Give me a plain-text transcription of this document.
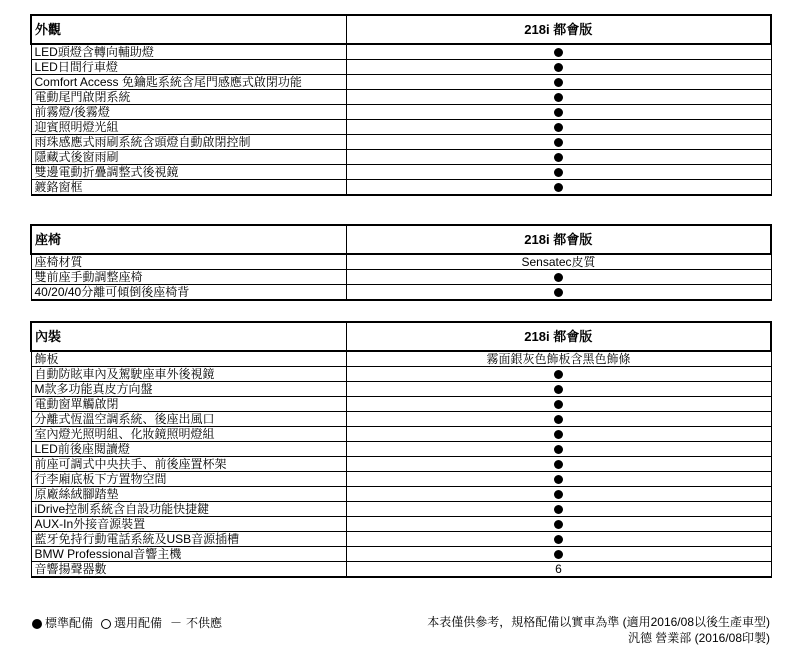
外觀	218i 都會版
LED頭燈含轉向輔助燈	
LED日間行車燈	
Comfort Access 免鑰匙系統含尾門感應式啟閉功能	
電動尾門啟閉系統	
前霧燈/後霧燈	
迎賓照明燈光組	
雨珠感應式雨刷系統含頭燈自動啟閉控制	
隱藏式後窗雨刷	
雙邊電動折疊調整式後視鏡	
鍍鉻窗框	
座椅	218i 都會版
座椅材質	Sensatec皮質
雙前座手動調整座椅	
40/20/40分離可傾倒後座椅背	
內裝	218i 都會版
飾板	霧面銀灰色飾板含黑色飾條
自動防眩車內及駕駛座車外後視鏡	
M款多功能真皮方向盤	
電動窗單觸啟閉	
分離式恆溫空調系統、後座出風口	
室內燈光照明組、化妝鏡照明燈組	
LED前後座閱讀燈	
前座可調式中央扶手、前後座置杯架	
行李廂底板下方置物空間	
原廠絲絨腳踏墊	
iDrive控制系統含自設功能快捷鍵	
AUX-In外接音源裝置	
藍牙免持行動電話系統及USB音源插槽	
BMW Professional音響主機	
音響揚聲器數	6
標準配備 選用配備 － 不供應	本表僅供參考，規格配備以實車為準 (適用2016/08以後生產車型)
汎德 營業部 (2016/08印製)
